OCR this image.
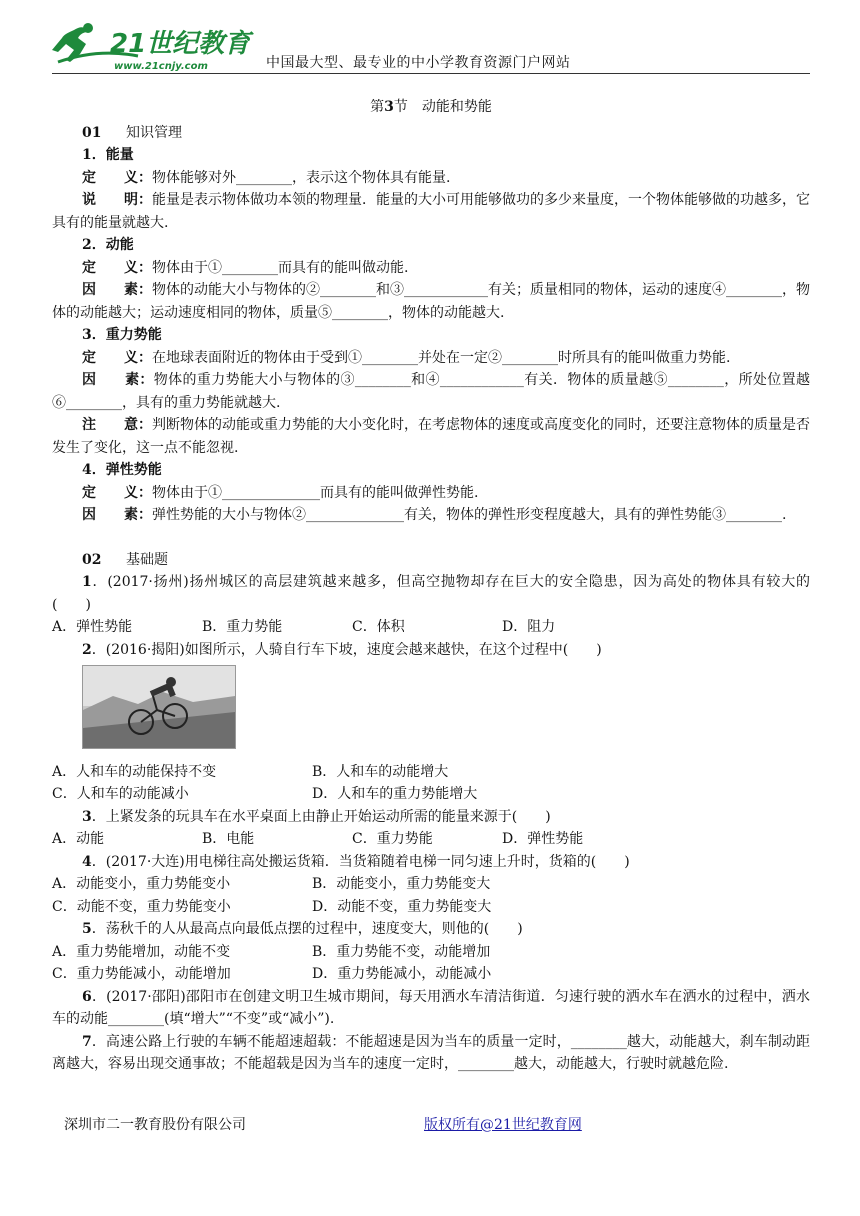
21世纪教育
www.21cnjy.com	中国最大型、最专业的中小学教育资源门户网站

第3节　动能和势能

01 知识管理

1．能量

定　　义：物体能够对外________，表示这个物体具有能量.

说　　明：能量是表示物体做功本领的物理量．能量的大小可用能够做功的多少来量度，一个物体能够做的功越多，它具有的能量就越大.

2．动能

定　　义：物体由于①________而具有的能叫做动能.

因　　素：物体的动能大小与物体的②________和③____________有关；质量相同的物体，运动的速度④________，物体的动能越大；运动速度相同的物体，质量⑤________，物体的动能越大.

3．重力势能

定　　义：在地球表面附近的物体由于受到①________并处在一定②________时所具有的能叫做重力势能.

因　　素：物体的重力势能大小与物体的③________和④____________有关．物体的质量越⑤________，所处位置越⑥________，具有的重力势能就越大.

注　　意：判断物体的动能或重力势能的大小变化时，在考虑物体的速度或高度变化的同时，还要注意物体的质量是否发生了变化，这一点不能忽视.

4．弹性势能

定　　义：物体由于①______________而具有的能叫做弹性势能.

因　　素：弹性势能的大小与物体②______________有关，物体的弹性形变程度越大，具有的弹性势能③________.

02 基础题

1．(2017·扬州)扬州城区的高层建筑越来越多，但高空抛物却存在巨大的安全隐患，因为高处的物体具有较大的(　　)

A．弹性势能	B．重力势能	C．体积	D．阻力

2．(2016·揭阳)如图所示，人骑自行车下坡，速度会越来越快，在这个过程中(　　)

A．人和车的动能保持不变	B．人和车的动能增大
C．人和车的动能减小	D．人和车的重力势能增大

3．上紧发条的玩具车在水平桌面上由静止开始运动所需的能量来源于(　　)

A．动能	B．电能	C．重力势能	D．弹性势能

4．(2017·大连)用电梯往高处搬运货箱．当货箱随着电梯一同匀速上升时，货箱的(　　)

A．动能变小，重力势能变小	B．动能变小，重力势能变大
C．动能不变，重力势能变小	D．动能不变，重力势能变大

5．荡秋千的人从最高点向最低点摆的过程中，速度变大，则他的(　　)

A．重力势能增加，动能不变	B．重力势能不变，动能增加
C．重力势能减小，动能增加	D．重力势能减小，动能减小

6．(2017·邵阳)邵阳市在创建文明卫生城市期间，每天用洒水车清洁街道．匀速行驶的洒水车在洒水的过程中，洒水车的动能________(填“增大”“不变”或“减小”).

7．高速公路上行驶的车辆不能超速超载：不能超速是因为当车的质量一定时，________越大，动能越大，刹车制动距离越大，容易出现交通事故；不能超载是因为当车的速度一定时，________越大，动能越大，行驶时就越危险.

深圳市二一教育股份有限公司	版权所有@21世纪教育网
